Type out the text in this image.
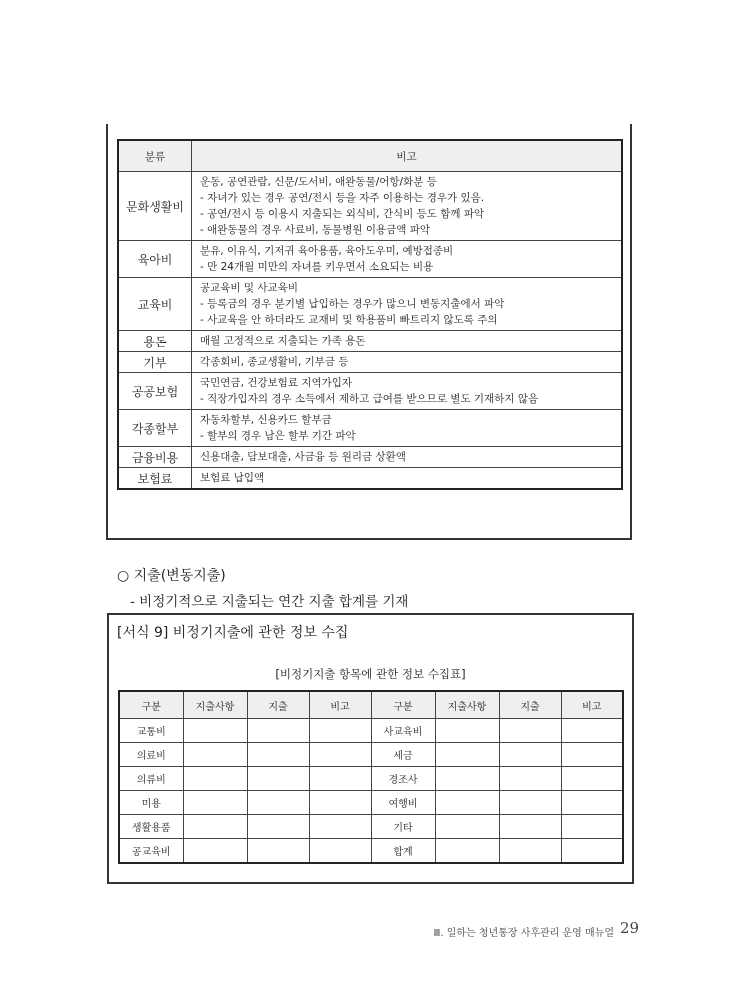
분류	비고
문화생활비	운동, 공연관람, 신문/도서비, 애완동물/어항/화분 등
- 자녀가 있는 경우 공연/전시 등을 자주 이용하는 경우가 있음.
- 공연/전시 등 이용시 지출되는 외식비, 간식비 등도 함께 파악
- 애완동물의 경우 사료비, 동물병원 이용금액 파악

육아비	분유, 이유식, 기저귀 육아용품, 육아도우미, 예방접종비
- 만 24개월 미만의 자녀를 키우면서 소요되는 비용

교육비	공교육비 및 사교육비
- 등록금의 경우 분기별 납입하는 경우가 많으니 변동지출에서 파악
- 사교육을 안 하더라도 교재비 및 학용품비 빠트리지 않도록 주의

용돈	매월 고정적으로 지출되는 가족 용돈

기부	각종회비, 종교생활비, 기부금 등

공공보험	국민연금, 건강보험료 지역가입자
- 직장가입자의 경우 소득에서 제하고 급여를 받으므로 별도 기재하지 않음

각종할부	자동차할부, 신용카드 할부금
- 할부의 경우 남은 할부 기간 파악

금융비용	신용대출, 담보대출, 사금융 등 원리금 상환액

보험료	보험료 납입액
○ 지출(변동지출)
- 비정기적으로 지출되는 연간 지출 합계를 기재
[서식 9] 비정기지출에 관한 정보 수집
[비정기지출 항목에 관한 정보 수집표]
구분	지출사항	지출	비고	구분	지출사항	지출	비고
교통비				사교육비			
의료비				세금			
의류비				경조사			
미용				여행비			
생활용품				기타			
공교육비				합계			
Ⅲ. 일하는 청년통장 사후관리 운영 매뉴얼 29
